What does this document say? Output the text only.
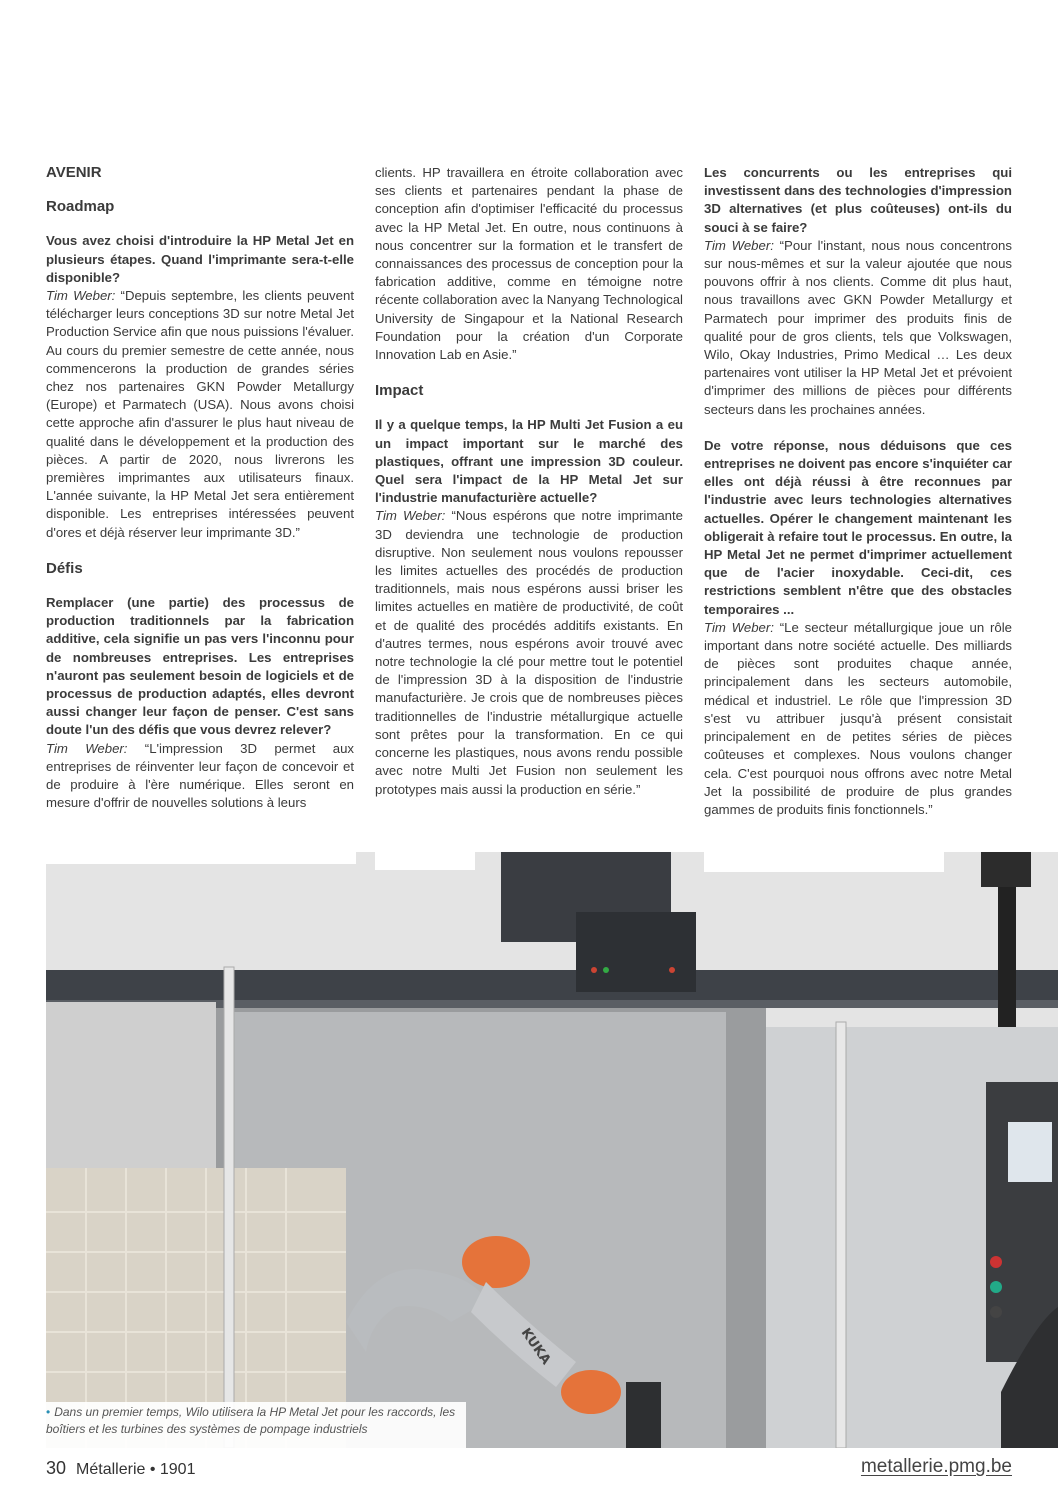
KUKA

AVENIR

Roadmap

Vous avez choisi d'introduire la HP Metal Jet en plusieurs étapes. Quand l'imprimante sera-t-elle disponible?

Tim Weber: “Depuis septembre, les clients peuvent télécharger leurs conceptions 3D sur notre Metal Jet Production Service afin que nous puissions l'évaluer. Au cours du premier semestre de cette année, nous commencerons la production de grandes séries chez nos partenaires GKN Powder Metallurgy (Europe) et Parmatech (USA). Nous avons choisi cette approche afin d'assurer le plus haut niveau de qualité dans le développement et la production des pièces. A partir de 2020, nous livrerons les premières imprimantes aux utilisateurs finaux. L'année suivante, la HP Metal Jet sera entièrement disponible. Les entreprises intéressées peuvent d'ores et déjà réserver leur imprimante 3D.”

Défis

Remplacer (une partie) des processus de production traditionnels par la fabrication additive, cela signifie un pas vers l'inconnu pour de nombreuses entreprises. Les entreprises n'auront pas seulement besoin de logiciels et de processus de production adaptés, elles devront aussi changer leur façon de penser. C'est sans doute l'un des défis que vous devrez relever?

Tim Weber: “L'impression 3D permet aux entreprises de réinventer leur façon de concevoir et de produire à l'ère numérique. Elles seront en mesure d'offrir de nouvelles solutions à leurs

clients. HP travaillera en étroite collaboration avec ses clients et partenaires pendant la phase de conception afin d'optimiser l'efficacité du processus avec la HP Metal Jet. En outre, nous continuons à nous concentrer sur la formation et le transfert de connaissances des processus de conception pour la fabrication additive, comme en témoigne notre récente collaboration avec la Nanyang Technological University de Singapour et la National Research Foundation pour la création d'un Corporate Innovation Lab en Asie.”

Impact

Il y a quelque temps, la HP Multi Jet Fusion a eu un impact important sur le marché des plastiques, offrant une impression 3D couleur. Quel sera l'impact de la HP Metal Jet sur l'industrie manufacturière actuelle?

Tim Weber: “Nous espérons que notre imprimante 3D deviendra une technologie de production disruptive. Non seulement nous voulons repousser les limites actuelles des procédés de production traditionnels, mais nous espérons aussi briser les limites actuelles en matière de productivité, de coût et de qualité des procédés additifs existants. En d'autres termes, nous espérons avoir trouvé avec notre technologie la clé pour mettre tout le potentiel de l'impression 3D à la disposition de l'industrie manufacturière. Je crois que de nombreuses pièces traditionnelles de l'industrie métallurgique actuelle sont prêtes pour la transformation. En ce qui concerne les plastiques, nous avons rendu possible avec notre Multi Jet Fusion non seulement les prototypes mais aussi la production en série.”

Les concurrents ou les entreprises qui investissent dans des technologies d'impression 3D alternatives (et plus coûteuses) ont-ils du souci à se faire?

Tim Weber: “Pour l'instant, nous nous concentrons sur nous-mêmes et sur la valeur ajoutée que nous pouvons offrir à nos clients. Comme dit plus haut, nous travaillons avec GKN Powder Metallurgy et Parmatech pour imprimer des produits finis de qualité pour de gros clients, tels que Volkswagen, Wilo, Okay Industries, Primo Medical … Les deux partenaires vont utiliser la HP Metal Jet et prévoient d'imprimer des millions de pièces pour différents secteurs dans les prochaines années.

De votre réponse, nous déduisons que ces entreprises ne doivent pas encore s'inquiéter car elles ont déjà réussi à être reconnues par l'industrie avec leurs technologies alternatives actuelles. Opérer le changement maintenant les obligerait à refaire tout le processus. En outre, la HP Metal Jet ne permet d'imprimer actuellement que de l'acier inoxydable. Ceci-dit, ces restrictions semblent n'être que des obstacles temporaires ...

Tim Weber: “Le secteur métallurgique joue un rôle important dans notre société actuelle. Des milliards de pièces sont produites chaque année, principalement dans les secteurs automobile, médical et industriel. Le rôle que l'impression 3D s'est vu attribuer jusqu'à présent consistait principalement en de petites séries de pièces coûteuses et complexes. Nous voulons changer cela. C'est pourquoi nous offrons avec notre Metal Jet la possibilité de produire de plus grandes gammes de produits finis fonctionnels.”

• Dans un premier temps, Wilo utilisera la HP Metal Jet pour les raccords, les boîtiers et les turbines des systèmes de pompage industriels
30 Métallerie • 1901	metallerie.pmg.be
